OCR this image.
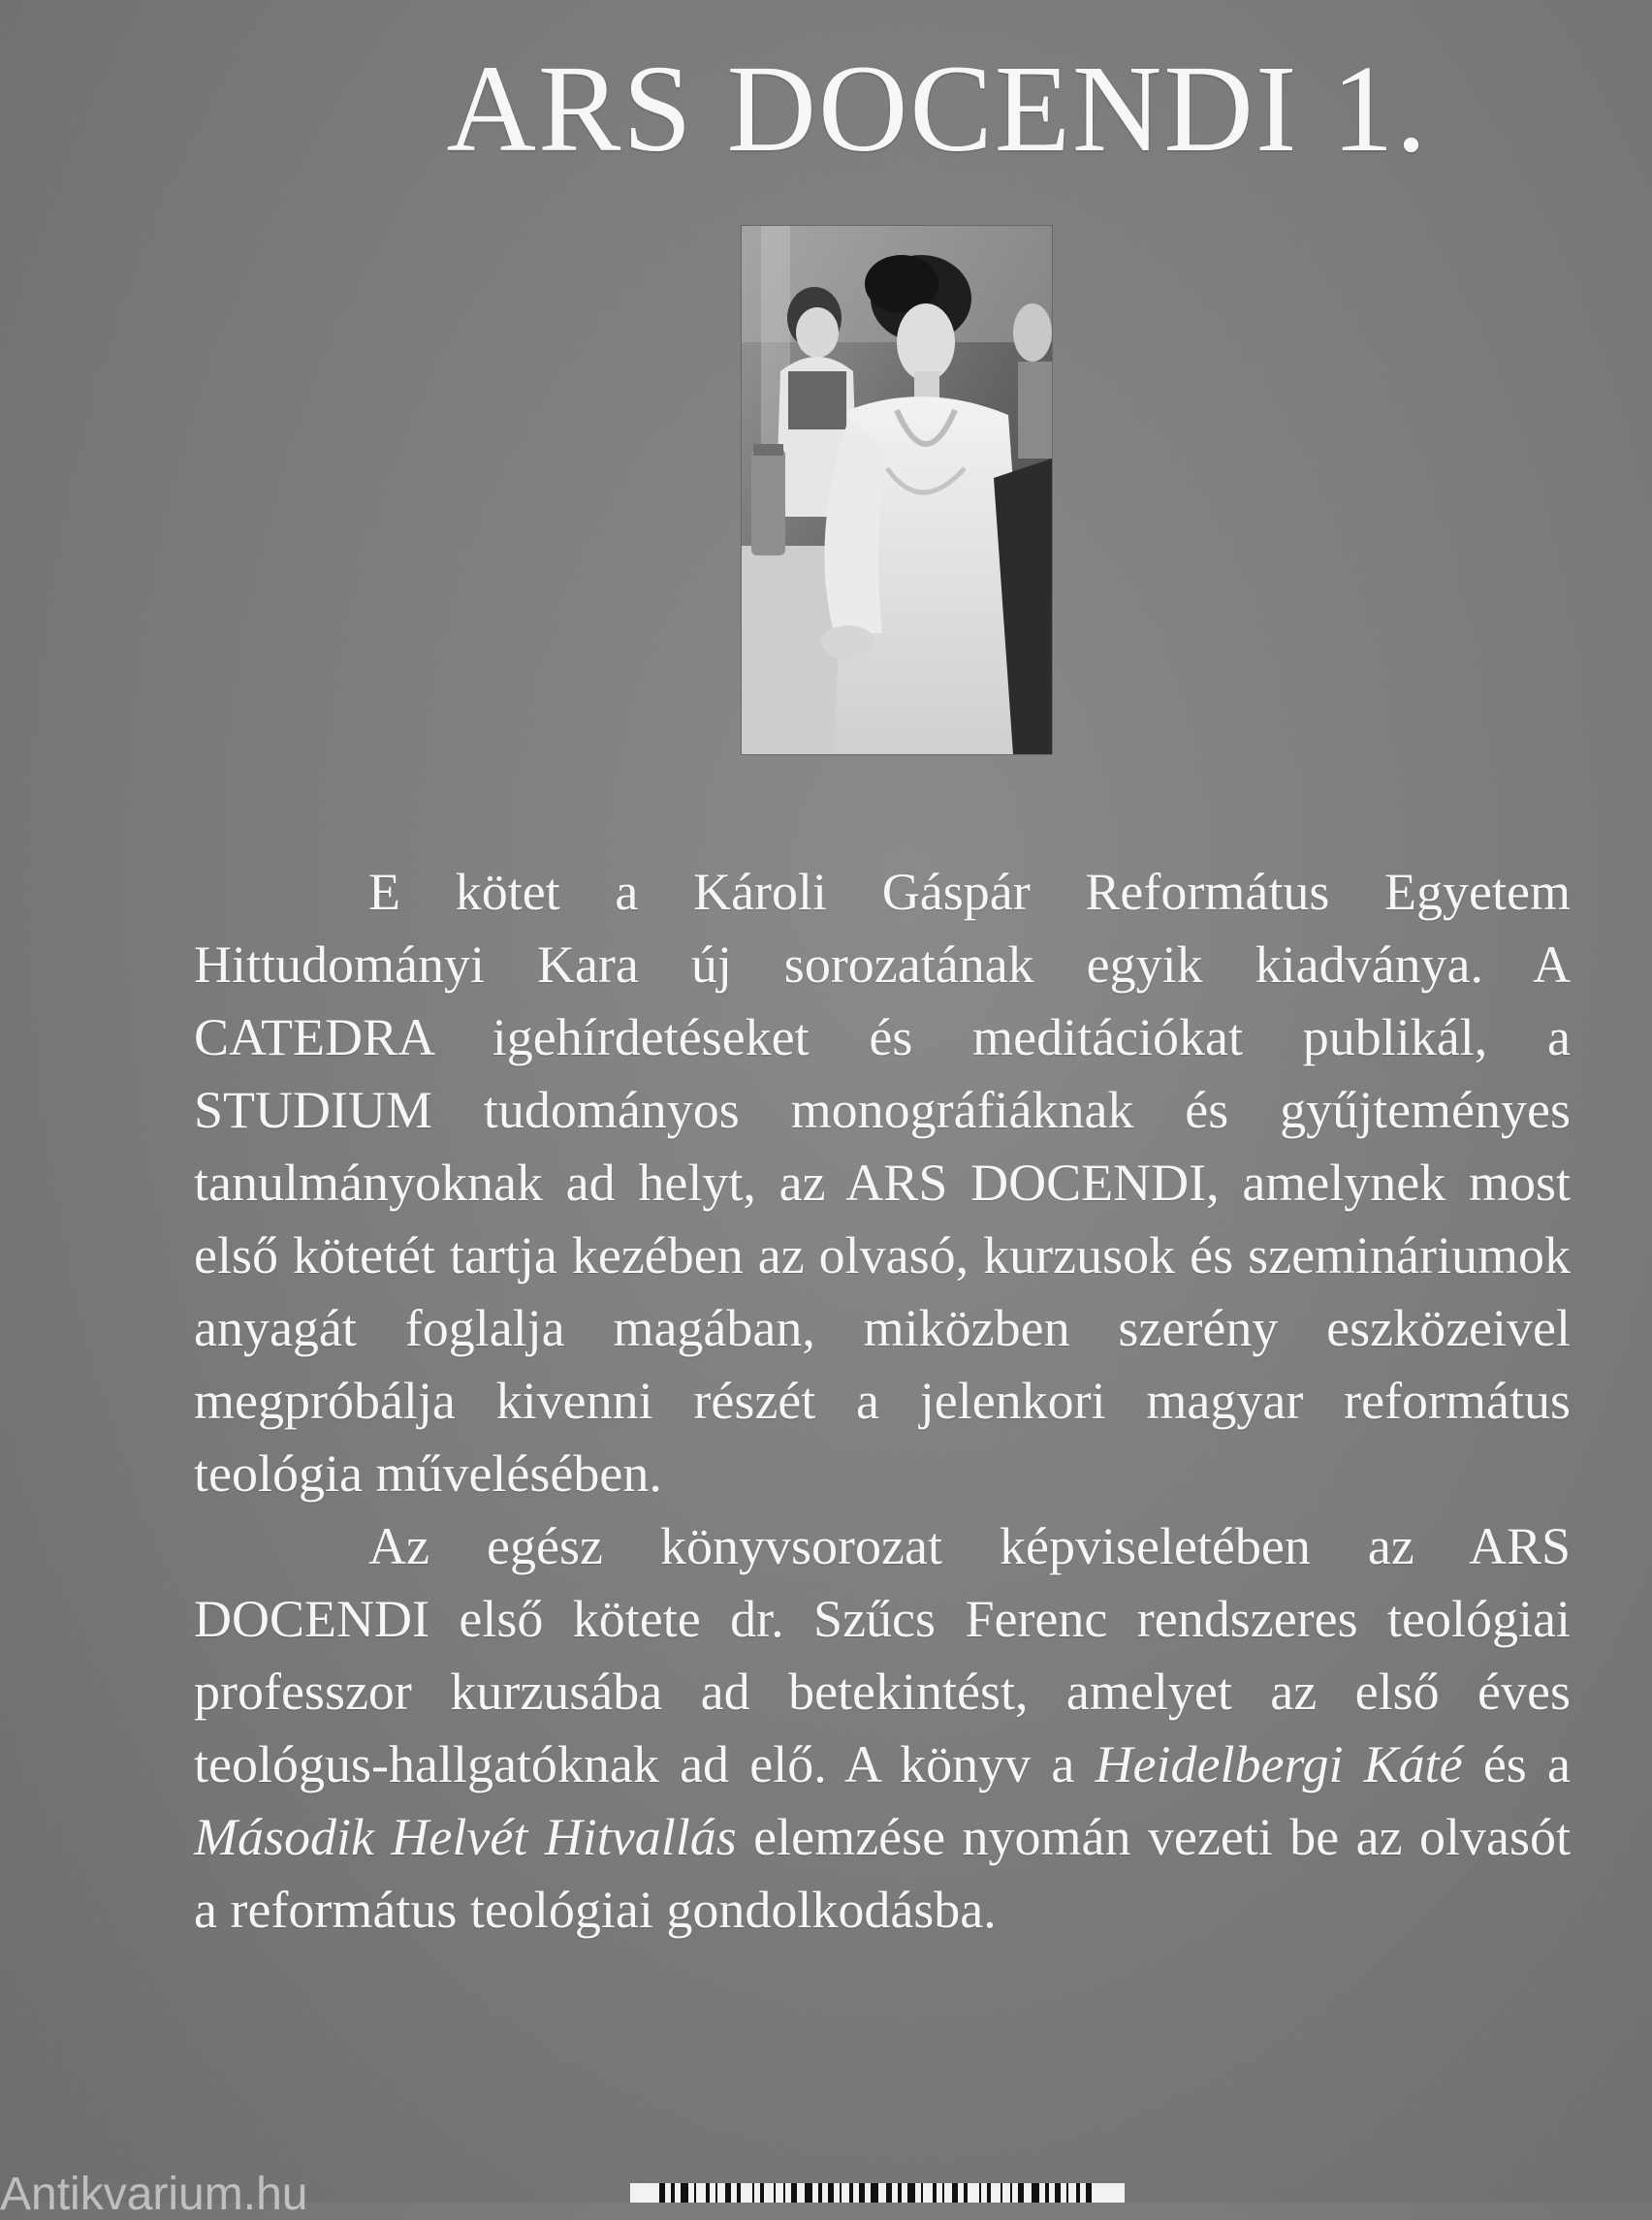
ARS DOCENDI 1.

E kötet a Károli Gáspár Református Egyetem Hittudományi Kara új sorozatának egyik kiadványa. A CATEDRA igehírdetéseket és meditációkat publikál, a STUDIUM tudományos monográfiáknak és gyűjteményes tanulmányoknak ad helyt, az ARS DOCENDI, amelynek most első kötetét tartja kezében az olvasó, kurzusok és szemináriumok anyagát foglalja magában, miközben szerény eszközeivel megpróbálja kivenni részét a jelenkori magyar református teológia művelésében.

Az egész könyvsorozat képviseletében az ARS DOCENDI első kötete dr. Szűcs Ferenc rendszeres teológiai professzor kurzusába ad betekintést, amelyet az első éves teológus-hallgatóknak ad elő. A könyv a Heidelbergi Káté és a Második Helvét Hitvallás elemzése nyomán vezeti be az olvasót a református teológiai gondolkodásba.

Antikvarium.hu
